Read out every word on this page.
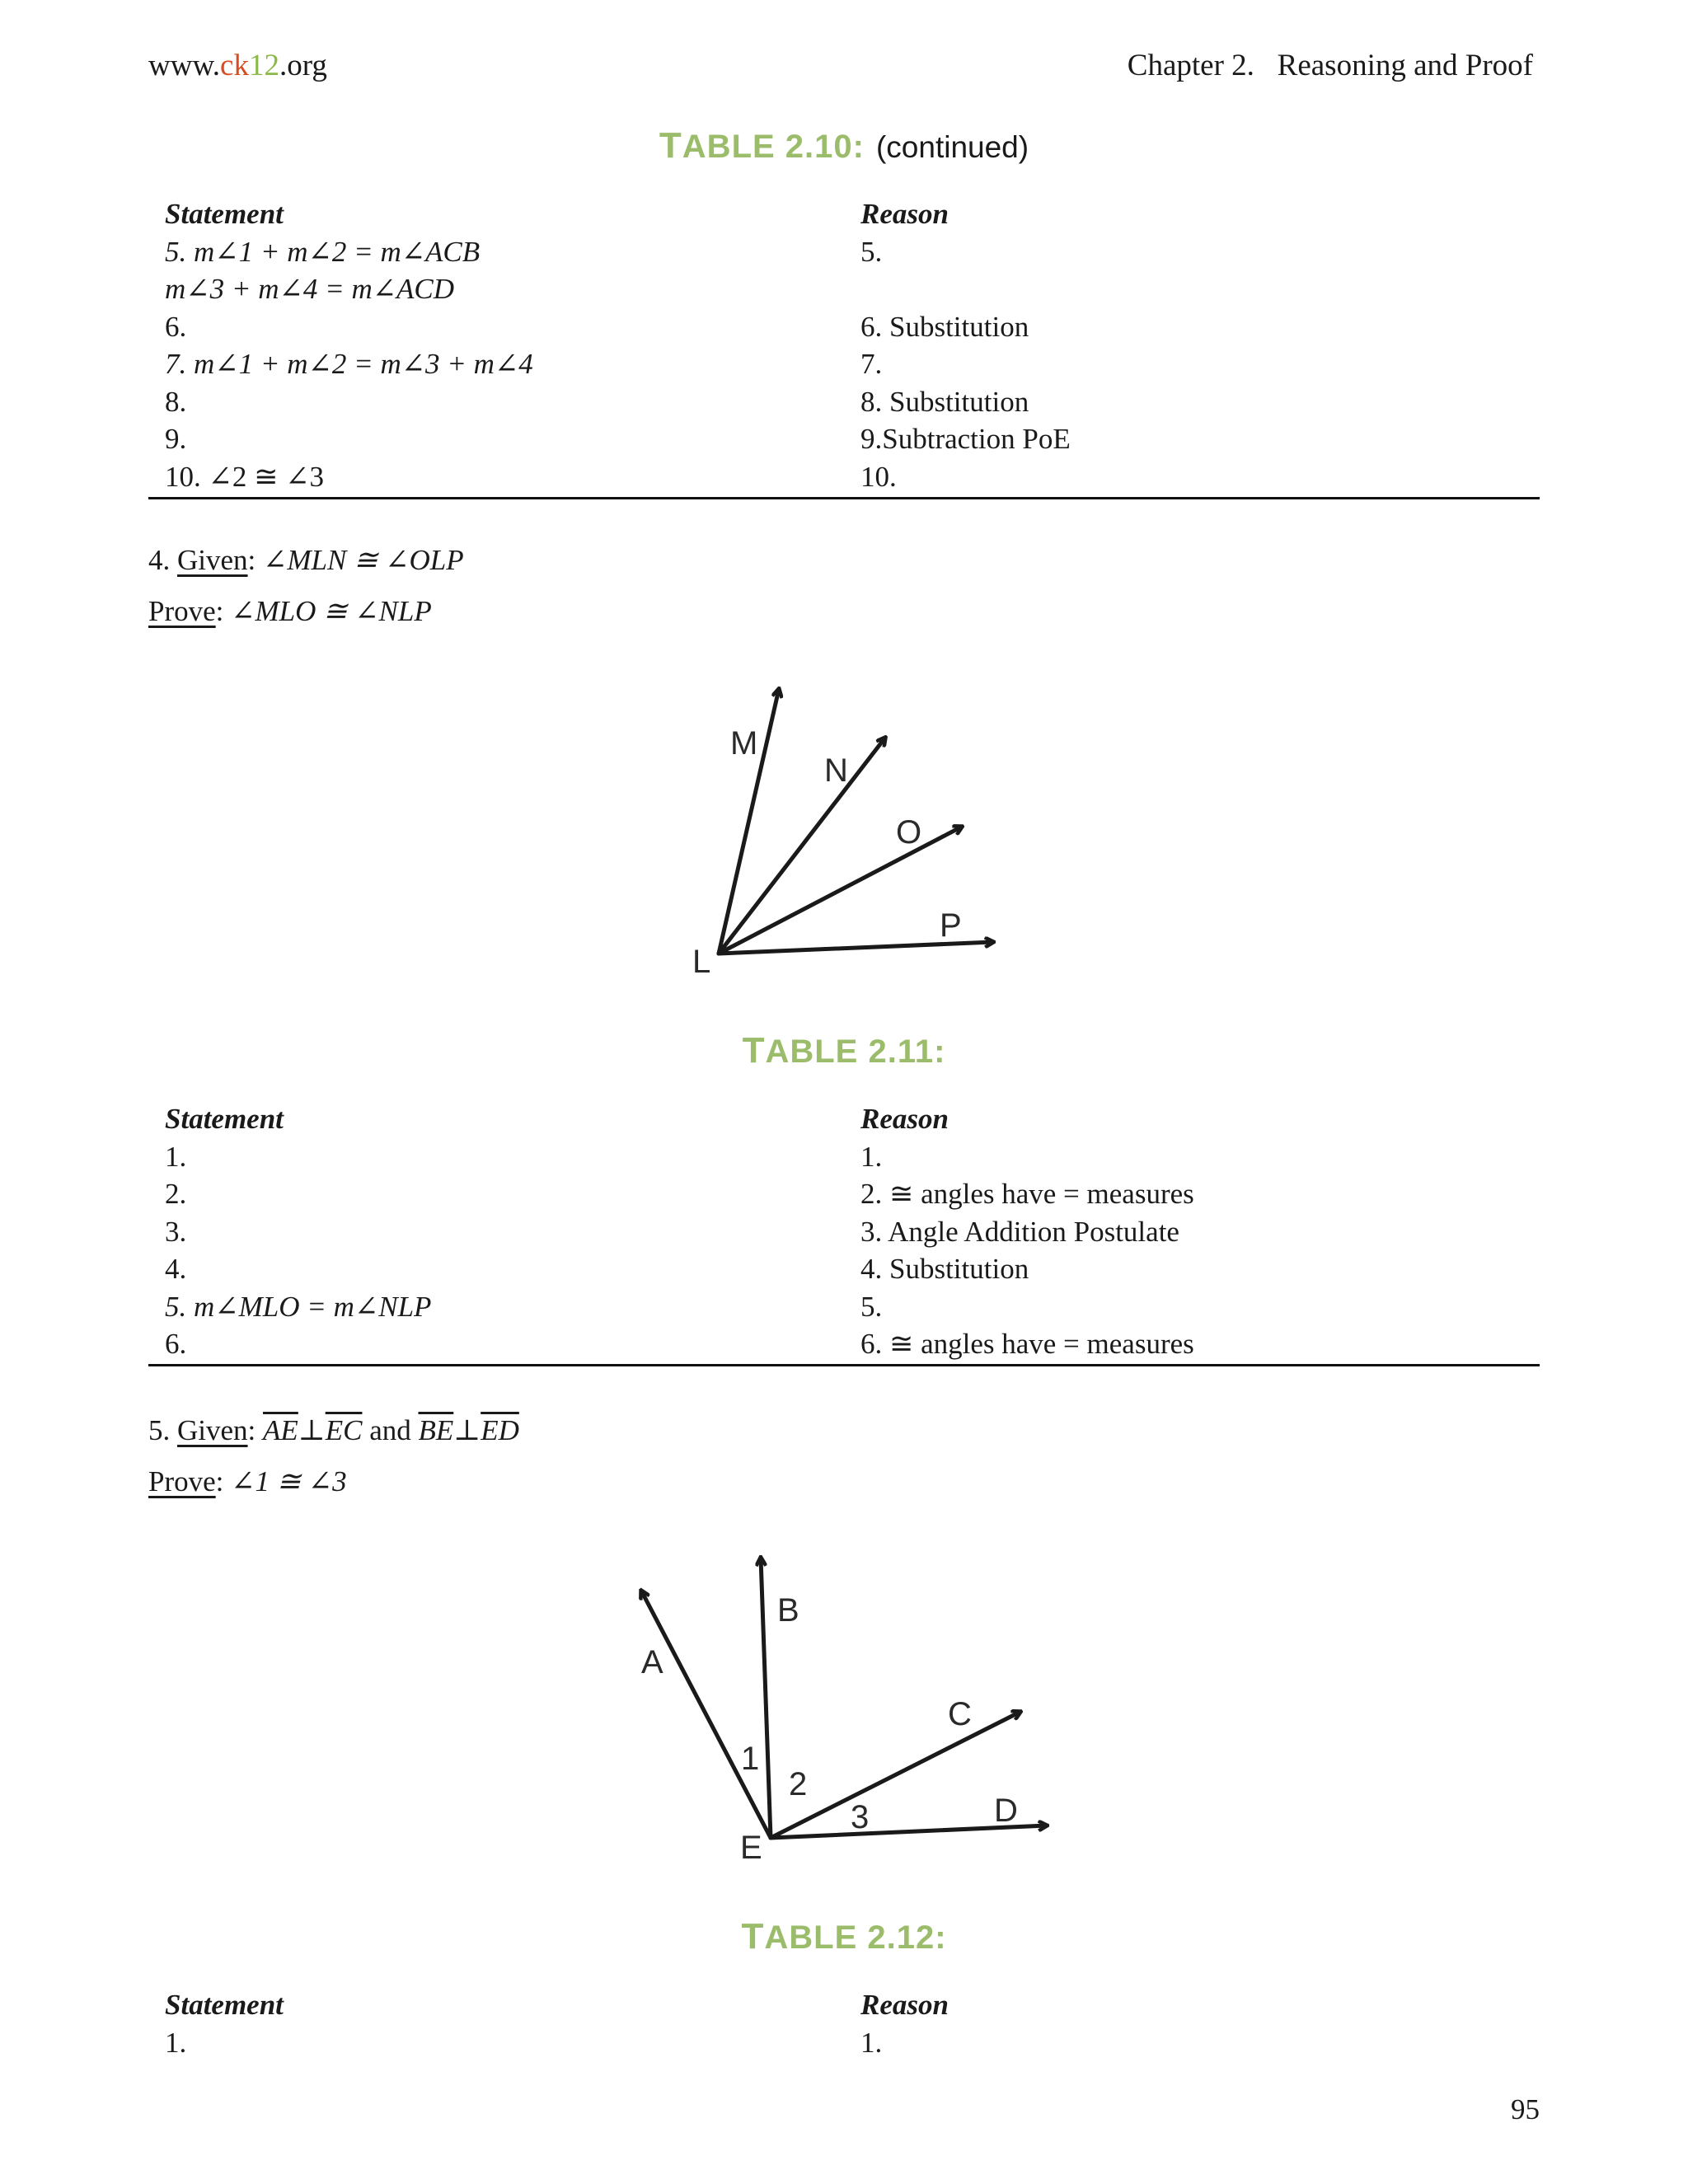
www.ck12.org	Chapter 2. Reasoning and Proof
TABLE 2.10: (continued)
Statement	Reason
5. m∠1 + m∠2 = m∠ACB	5.
m∠3 + m∠4 = m∠ACD
6.	6. Substitution
7. m∠1 + m∠2 = m∠3 + m∠4	7.
8.	8. Substitution
9.	9.Subtraction PoE
10. ∠2 ≅ ∠3	10.
4. Given: ∠MLN ≅ ∠OLP
Prove: ∠MLO ≅ ∠NLP
M
N
O
P
L
TABLE 2.11:
Statement	Reason
1.	1.
2.	2. ≅ angles have = measures
3.	3. Angle Addition Postulate
4.	4. Substitution
5. m∠MLO = m∠NLP	5.
6.	6. ≅ angles have = measures
5. Given: $\overline{AE}\perp\overline{EC}$ and $\overline{BE}\perp\overline{ED}$
Prove: ∠1 ≅ ∠3
A
B
C
D
E
1
2
3
TABLE 2.12:
Statement	Reason
1.	1.
95
